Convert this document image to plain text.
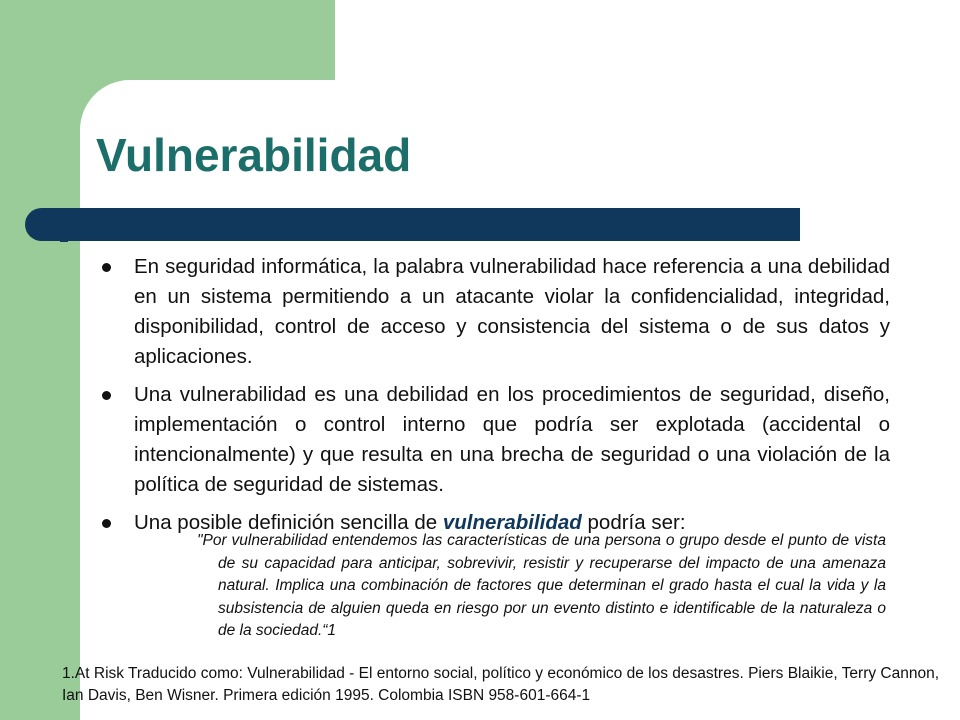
Vulnerabilidad
En seguridad informática, la palabra vulnerabilidad hace referencia a una debilidad en un sistema permitiendo a un atacante violar la confidencialidad, integridad, disponibilidad, control de acceso y consistencia del sistema o de sus datos y aplicaciones.
Una vulnerabilidad es una debilidad en los procedimientos de seguridad, diseño, implementación o control interno que podría ser explotada (accidental o intencionalmente) y que resulta en una brecha de seguridad o una violación de la política de seguridad de sistemas.
Una posible definición sencilla de vulnerabilidad podría ser:
"Por vulnerabilidad entendemos las características de una persona o grupo desde el punto de vista de su capacidad para anticipar, sobrevivir, resistir y recuperarse del impacto de una amenaza natural. Implica una combinación de factores que determinan el grado hasta el cual la vida y la subsistencia de alguien queda en riesgo por un evento distinto e identificable de la naturaleza o de la sociedad.“1
1.At Risk Traducido como: Vulnerabilidad - El entorno social, político y económico de los desastres. Piers Blaikie, Terry Cannon, Ian Davis, Ben Wisner. Primera edición 1995. Colombia ISBN 958-601-664-1
